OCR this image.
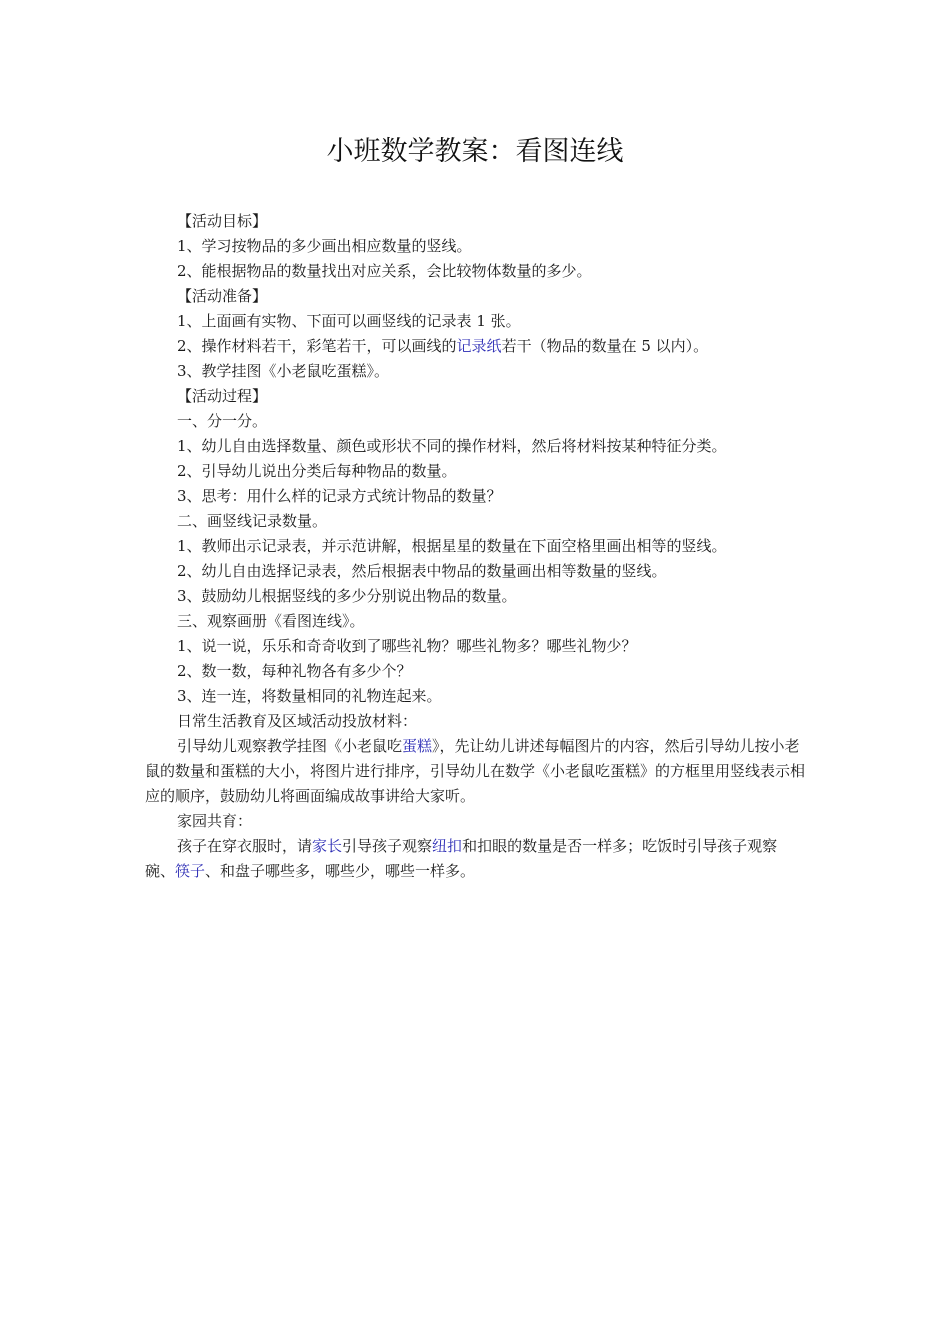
小班数学教案：看图连线

【活动目标】

1、学习按物品的多少画出相应数量的竖线。

2、能根据物品的数量找出对应关系，会比较物体数量的多少。

【活动准备】

1、上面画有实物、下面可以画竖线的记录表 1 张。

2、操作材料若干，彩笔若干，可以画线的记录纸若干（物品的数量在 5 以内）。

3、教学挂图《小老鼠吃蛋糕》。

【活动过程】

一、分一分。

1、幼儿自由选择数量、颜色或形状不同的操作材料，然后将材料按某种特征分类。

2、引导幼儿说出分类后每种物品的数量。

3、思考：用什么样的记录方式统计物品的数量？

二、画竖线记录数量。

1、教师出示记录表，并示范讲解，根据星星的数量在下面空格里画出相等的竖线。

2、幼儿自由选择记录表，然后根据表中物品的数量画出相等数量的竖线。

3、鼓励幼儿根据竖线的多少分别说出物品的数量。

三、观察画册《看图连线》。

1、说一说，乐乐和奇奇收到了哪些礼物？哪些礼物多？哪些礼物少？

2、数一数，每种礼物各有多少个？

3、连一连，将数量相同的礼物连起来。

日常生活教育及区域活动投放材料：

引导幼儿观察教学挂图《小老鼠吃蛋糕》，先让幼儿讲述每幅图片的内容，然后引导幼儿按小老鼠的数量和蛋糕的大小，将图片进行排序，引导幼儿在数学《小老鼠吃蛋糕》的方框里用竖线表示相应的顺序，鼓励幼儿将画面编成故事讲给大家听。

家园共育：

孩子在穿衣服时，请家长引导孩子观察纽扣和扣眼的数量是否一样多；吃饭时引导孩子观察碗、筷子、和盘子哪些多，哪些少，哪些一样多。
